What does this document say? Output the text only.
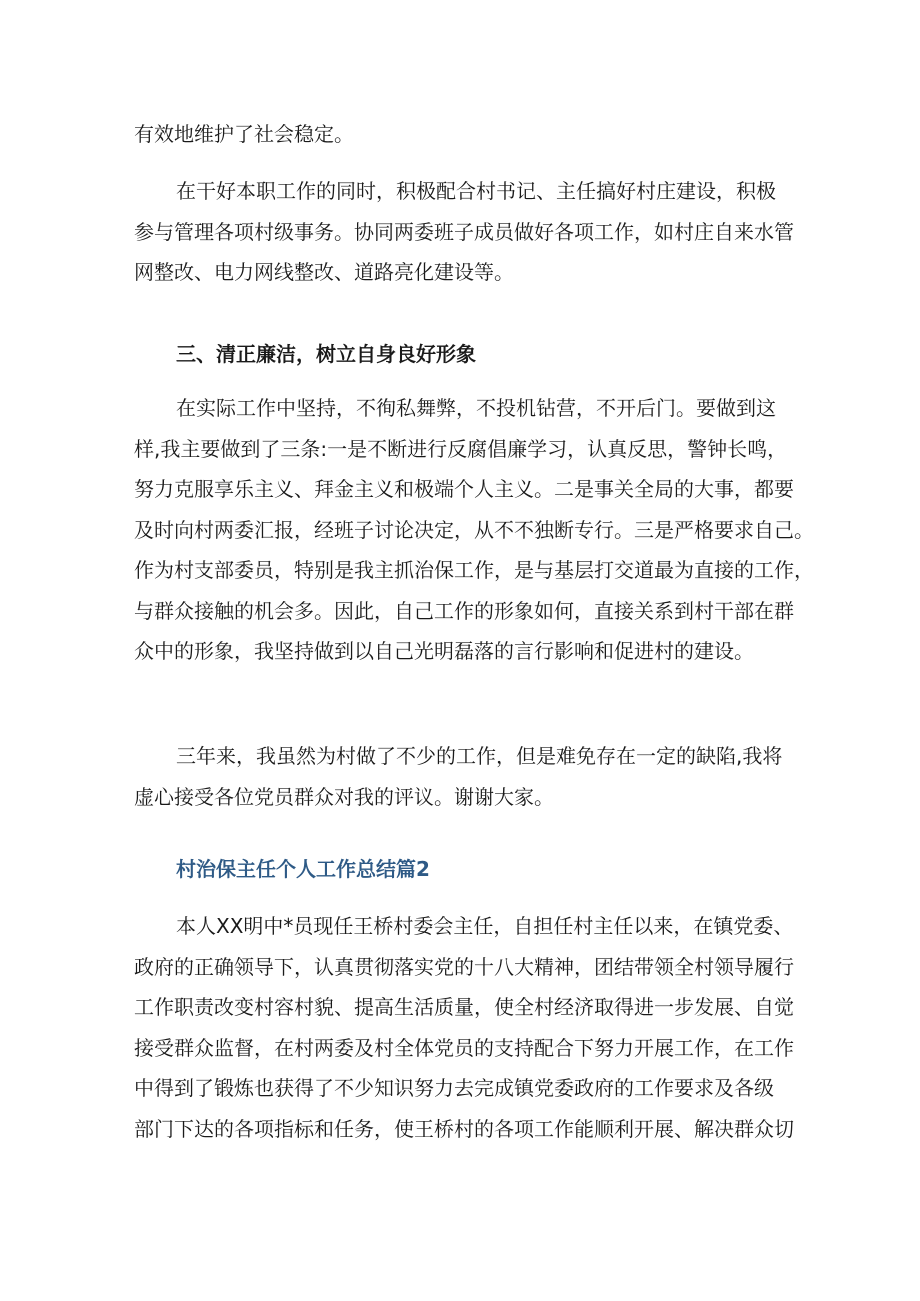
有效地维护了社会稳定。
在干好本职工作的同时，积极配合村书记、主任搞好村庄建设，积极
参与管理各项村级事务。协同两委班子成员做好各项工作，如村庄自来水管
网整改、电力网线整改、道路亮化建设等。
三、清正廉洁，树立自身良好形象
在实际工作中坚持，不徇私舞弊，不投机钻营，不开后门。要做到这
样,我主要做到了三条:一是不断进行反腐倡廉学习，认真反思，警钟长鸣，
努力克服享乐主义、拜金主义和极端个人主义。二是事关全局的大事，都要
及时向村两委汇报，经班子讨论决定，从不不独断专行。三是严格要求自己。
作为村支部委员，特别是我主抓治保工作，是与基层打交道最为直接的工作，
与群众接触的机会多。因此，自己工作的形象如何，直接关系到村干部在群
众中的形象，我坚持做到以自己光明磊落的言行影响和促进村的建设。
三年来，我虽然为村做了不少的工作，但是难免存在一定的缺陷,我将
虚心接受各位党员群众对我的评议。谢谢大家。
村治保主任个人工作总结篇2
本人XX明中*员现任王桥村委会主任，自担任村主任以来，在镇党委、
政府的正确领导下，认真贯彻落实党的十八大精神，团结带领全村领导履行
工作职责改变村容村貌、提高生活质量，使全村经济取得进一步发展、自觉
接受群众监督，在村两委及村全体党员的支持配合下努力开展工作，在工作
中得到了锻炼也获得了不少知识努力去完成镇党委政府的工作要求及各级
部门下达的各项指标和任务，使王桥村的各项工作能顺利开展、解决群众切
